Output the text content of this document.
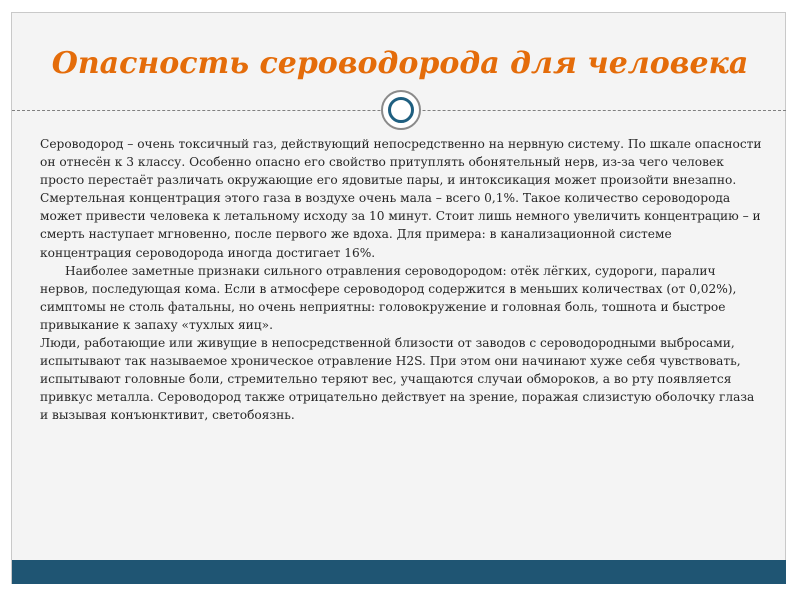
Опасность сероводорода для человека

Сероводород – очень токсичный газ, действующий непосредственно на нервную систему. По шкале опасности он отнесён к 3 классу. Особенно опасно его свойство притуплять обонятельный нерв, из-за чего человек просто перестаёт различать окружающие его ядовитые пары, и интоксикация может произойти внезапно. Смертельная концентрация этого газа в воздухе очень мала – всего 0,1%. Такое количество сероводорода может привести человека к летальному исходу за 10 минут. Стоит лишь немного увеличить концентрацию – и смерть наступает мгновенно, после первого же вдоха. Для примера: в канализационной системе концентрация сероводорода иногда достигает 16%.

Наиболее заметные признаки сильного отравления сероводородом: отёк лёгких, судороги, паралич нервов, последующая кома. Если в атмосфере сероводород содержится в меньших количествах (от 0,02%), симптомы не столь фатальны, но очень неприятны: головокружение и головная боль, тошнота и быстрое привыкание к запаху «тухлых яиц».

Люди, работающие или живущие в непосредственной близости от заводов с сероводородными выбросами, испытывают так называемое хроническое отравление H2S. При этом они начинают хуже себя чувствовать, испытывают головные боли, стремительно теряют вес, учащаются случаи обмороков, а во рту появляется привкус металла. Сероводород также отрицательно действует на зрение, поражая слизистую оболочку глаза и вызывая конъюнктивит, светобоязнь.
